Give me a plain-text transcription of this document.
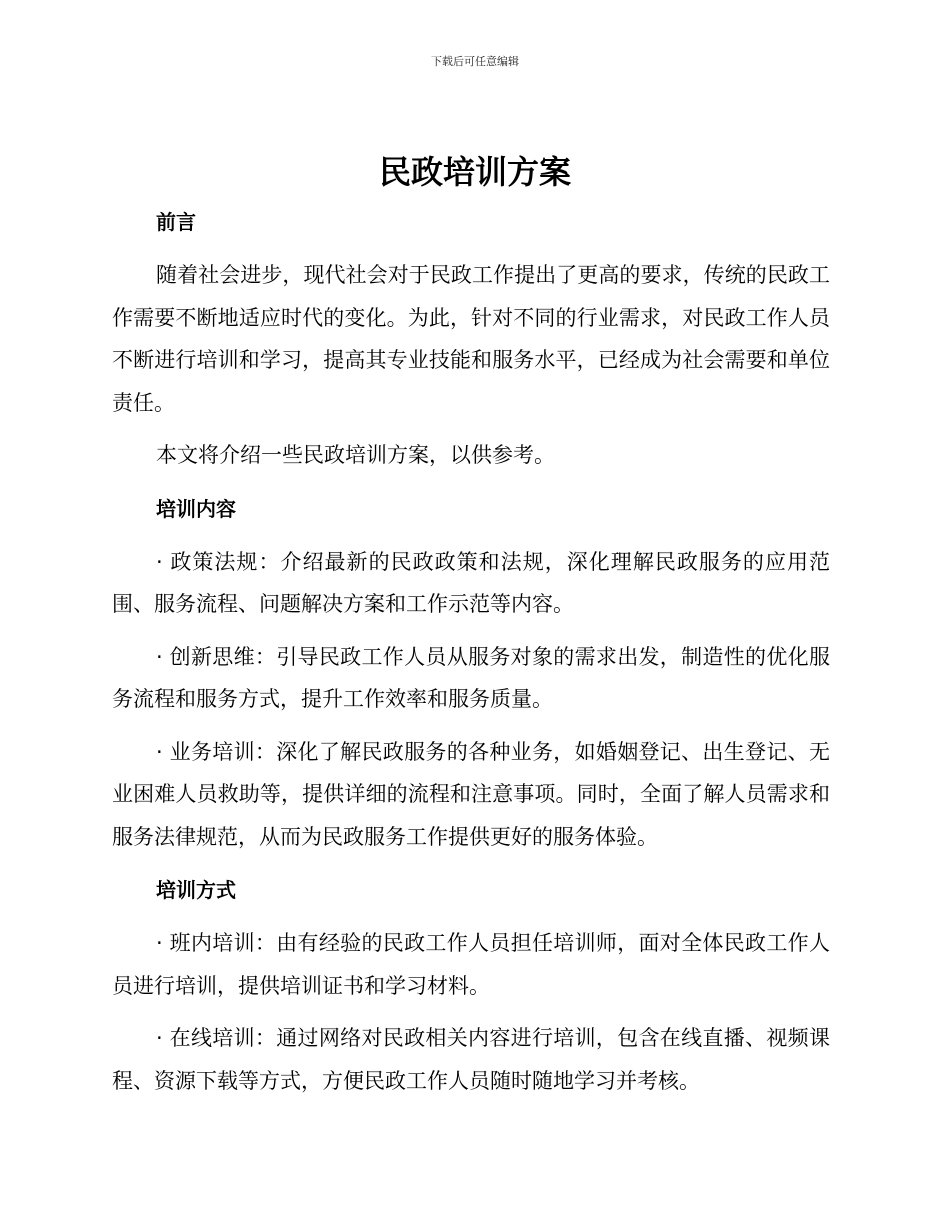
下载后可任意编辑
民政培训方案
前言

随着社会进步，现代社会对于民政工作提出了更高的要求，传统的民政工作需要不断地适应时代的变化。为此，针对不同的行业需求，对民政工作人员不断进行培训和学习，提高其专业技能和服务水平，已经成为社会需要和单位责任。

本文将介绍一些民政培训方案，以供参考。

培训内容

· 政策法规：介绍最新的民政政策和法规，深化理解民政服务的应用范围、服务流程、问题解决方案和工作示范等内容。

· 创新思维：引导民政工作人员从服务对象的需求出发，制造性的优化服务流程和服务方式，提升工作效率和服务质量。

· 业务培训：深化了解民政服务的各种业务，如婚姻登记、出生登记、无业困难人员救助等，提供详细的流程和注意事项。同时，全面了解人员需求和服务法律规范，从而为民政服务工作提供更好的服务体验。

培训方式

· 班内培训：由有经验的民政工作人员担任培训师，面对全体民政工作人员进行培训，提供培训证书和学习材料。

· 在线培训：通过网络对民政相关内容进行培训，包含在线直播、视频课程、资源下载等方式，方便民政工作人员随时随地学习并考核。
